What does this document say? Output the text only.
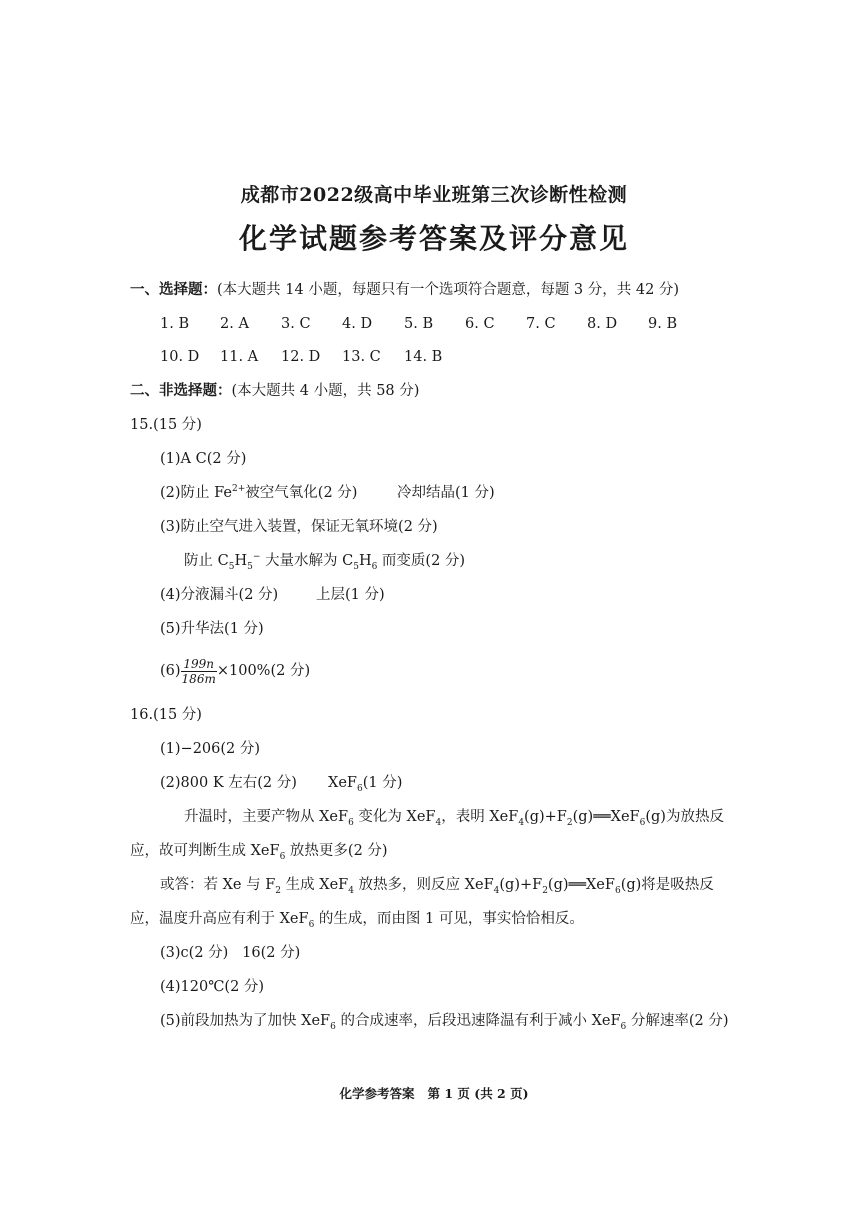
成都市2022级高中毕业班第三次诊断性检测
化学试题参考答案及评分意见
一、选择题：(本大题共 14 小题，每题只有一个选项符合题意，每题 3 分，共 42 分)
1. B 2. A 3. C 4. D 5. B 6. C 7. C 8. D 9. B
10. D 11. A 12. D 13. C 14. B
二、非选择题：(本大题共 4 小题，共 58 分)
15.(15 分)
(1)A C(2 分)
(2)防止 $Fe^{2+}$被空气氧化(2 分)	冷却结晶(1 分)
(3)防止空气进入装置，保证无氧环境(2 分)
防止 $C_5H_5^-$ 大量水解为 $C_5H_6$ 而变质(2 分)
(4)分液漏斗(2 分)	上层(1 分)
(5)升华法(1 分)
$(6) \frac{199n}{186m} \times 100\%(2$ 分)
16.(15 分)
(1)−206(2 分)
(2)800 K 左右(2 分) XeF$_6$(1 分)
升温时，主要产物从 XeF$_6$ 变化为 XeF$_4$，表明 $XeF_4(g)+F_2(g)══XeF_6(g)$为放热反
应，故可判断生成 XeF$_6$ 放热更多(2 分)
或答：若 Xe 与 $F_2$ 生成 XeF$_4$ 放热多，则反应 $XeF_4(g)+F_2(g)══XeF_6(g)$将是吸热反
应，温度升高应有利于 XeF$_6$ 的生成，而由图 1 可见，事实恰恰相反。
(3)c(2 分)   16(2 分)
(4)120℃(2 分)
(5)前段加热为了加快 XeF$_6$ 的合成速率，后段迅速降温有利于减小 XeF$_6$ 分解速率(2 分)
化学参考答案   第 1 页 (共 2 页)
